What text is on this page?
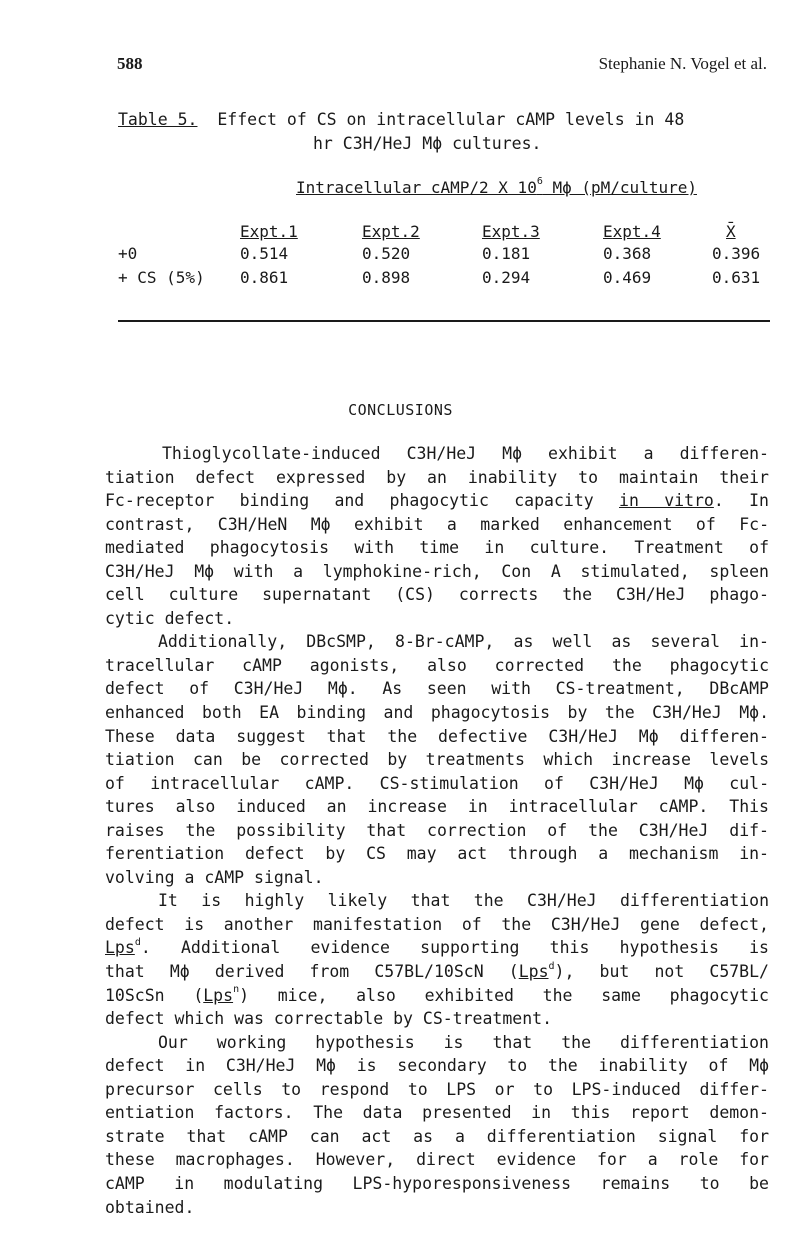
588	Stephanie N. Vogel et al.
Table 5. Effect of CS on intracellular cAMP levels in 48
hr C3H/HeJ Mϕ cultures.
Intracellular cAMP/2 X $10^6$ Mϕ (pM/culture)
Expt.1	Expt.2	Expt.3	Expt.4	X̄
+0	0.514	0.520	0.181	0.368	0.396
+ CS (5%) 0.861	0.898	0.294	0.469	0.631
CONCLUSIONS
Thioglycollate-induced C3H/HeJ Mϕ exhibit a differen-
tiation defect expressed by an inability to maintain their
Fc-receptor binding and phagocytic capacity in vitro. In
contrast, C3H/HeN Mϕ exhibit a marked enhancement of Fc-
mediated phagocytosis with time in culture. Treatment of
C3H/HeJ Mϕ with a lymphokine-rich, Con A stimulated, spleen
cell culture supernatant (CS) corrects the C3H/HeJ phago-
cytic defect.
Additionally, DBcSMP, 8-Br-cAMP, as well as several in-
tracellular cAMP agonists, also corrected the phagocytic
defect of C3H/HeJ Mϕ. As seen with CS-treatment, DBcAMP
enhanced both EA binding and phagocytosis by the C3H/HeJ Mϕ.
These data suggest that the defective C3H/HeJ Mϕ differen-
tiation can be corrected by treatments which increase levels
of intracellular cAMP. CS-stimulation of C3H/HeJ Mϕ cul-
tures also induced an increase in intracellular cAMP. This
raises the possibility that correction of the C3H/HeJ dif-
ferentiation defect by CS may act through a mechanism in-
volving a cAMP signal.
It is highly likely that the C3H/HeJ differentiation
defect is another manifestation of the C3H/HeJ gene defect,
Lps$^d$. Additional evidence supporting this hypothesis is
that Mϕ derived from C57BL/10ScN (Lps$^d$), but not C57BL/
10ScSn (Lps$^n$) mice, also exhibited the same phagocytic
defect which was correctable by CS-treatment.
Our working hypothesis is that the differentiation
defect in C3H/HeJ Mϕ is secondary to the inability of Mϕ
precursor cells to respond to LPS or to LPS-induced differ-
entiation factors. The data presented in this report demon-
strate that cAMP can act as a differentiation signal for
these macrophages. However, direct evidence for a role for
cAMP in modulating LPS-hyporesponsiveness remains to be
obtained.
